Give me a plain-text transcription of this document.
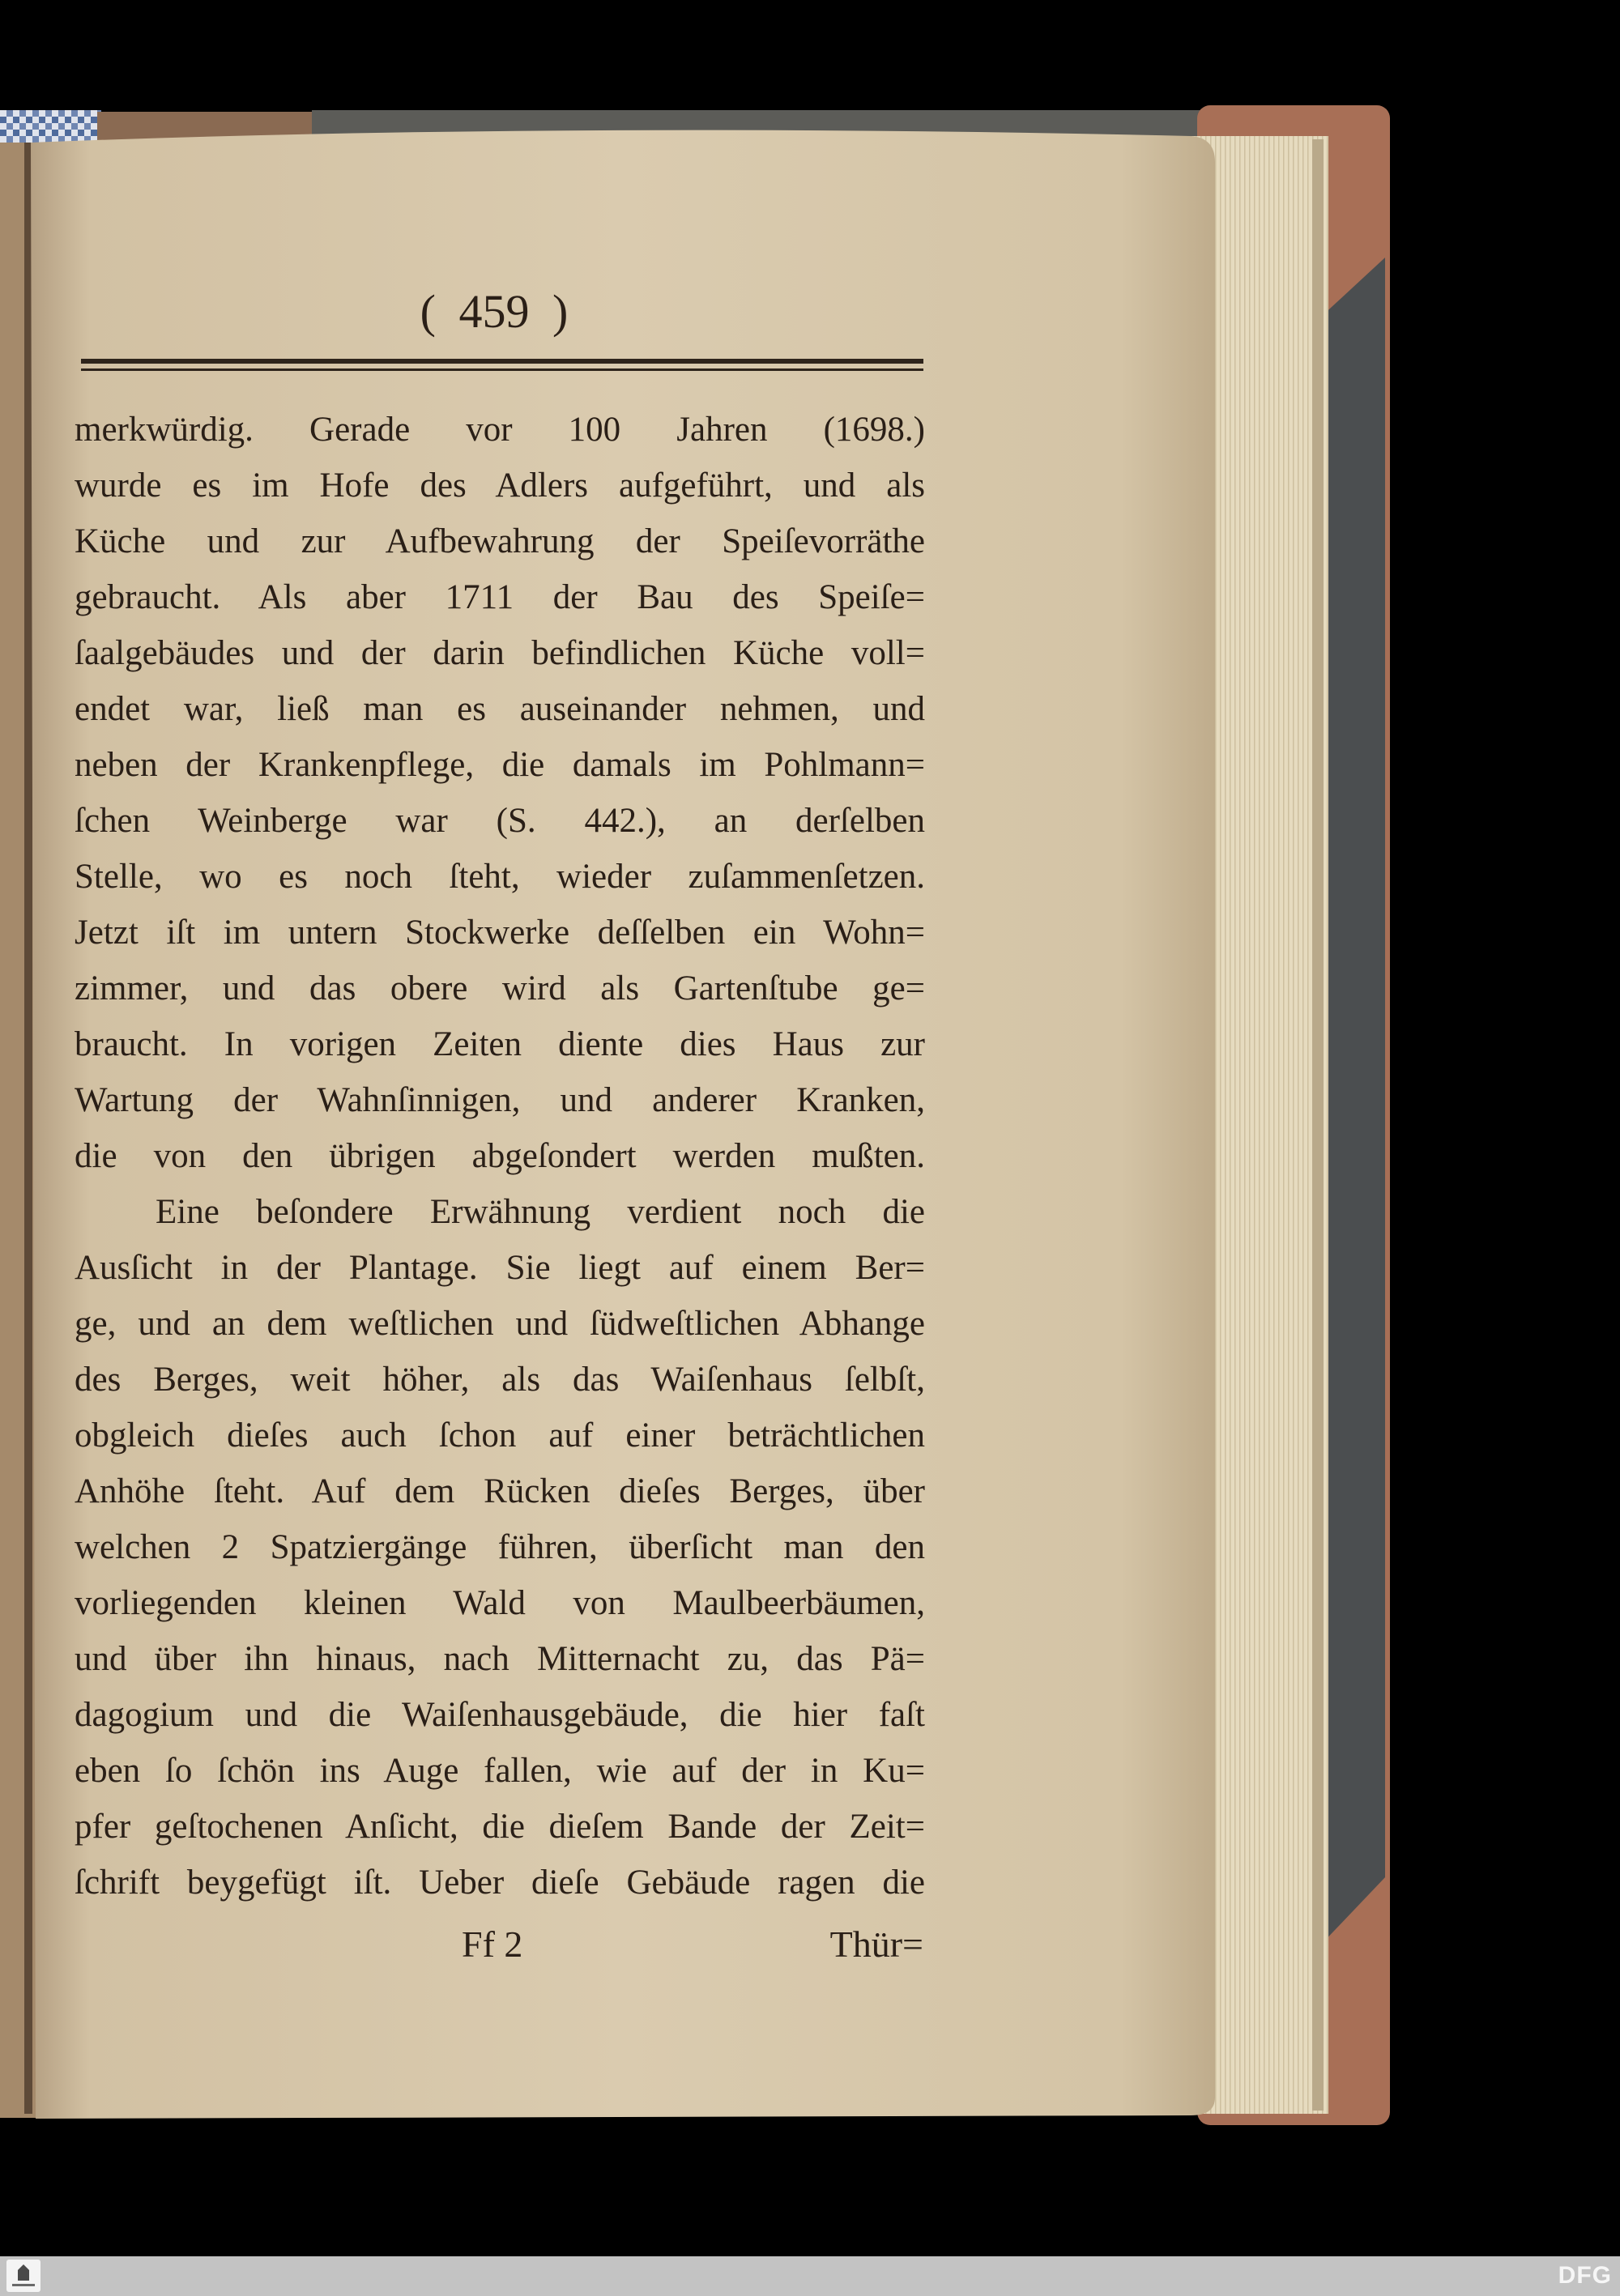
( 459 )
merkwürdig. Gerade vor 100 Jahren (1698.)
wurde es im Hofe des Adlers aufgeführt, und als
Küche und zur Aufbewahrung der Speiſevorräthe
gebraucht. Als aber 1711 der Bau des Speiſe=
ſaalgebäudes und der darin befindlichen Küche voll=
endet war, ließ man es auseinander nehmen, und
neben der Krankenpflege, die damals im Pohlmann=
ſchen Weinberge war (S. 442.), an derſelben
Stelle, wo es noch ſteht, wieder zuſammenſetzen.
Jetzt iſt im untern Stockwerke deſſelben ein Wohn=
zimmer, und das obere wird als Gartenſtube ge=
braucht. In vorigen Zeiten diente dies Haus zur
Wartung der Wahnſinnigen, und anderer Kranken,
die von den übrigen abgeſondert werden mußten.
Eine beſondere Erwähnung verdient noch die
Ausſicht in der Plantage. Sie liegt auf einem Ber=
ge, und an dem weſtlichen und ſüdweſtlichen Abhange
des Berges, weit höher, als das Waiſenhaus ſelbſt,
obgleich dieſes auch ſchon auf einer beträchtlichen
Anhöhe ſteht. Auf dem Rücken dieſes Berges, über
welchen 2 Spatziergänge führen, überſicht man den
vorliegenden kleinen Wald von Maulbeerbäumen,
und über ihn hinaus, nach Mitternacht zu, das Pä=
dagogium und die Waiſenhausgebäude, die hier faſt
eben ſo ſchön ins Auge fallen, wie auf der in Ku=
pfer geſtochenen Anſicht, die dieſem Bande der Zeit=
ſchrift beygefügt iſt. Ueber dieſe Gebäude ragen die
Ff 2	Thür=
DFG
